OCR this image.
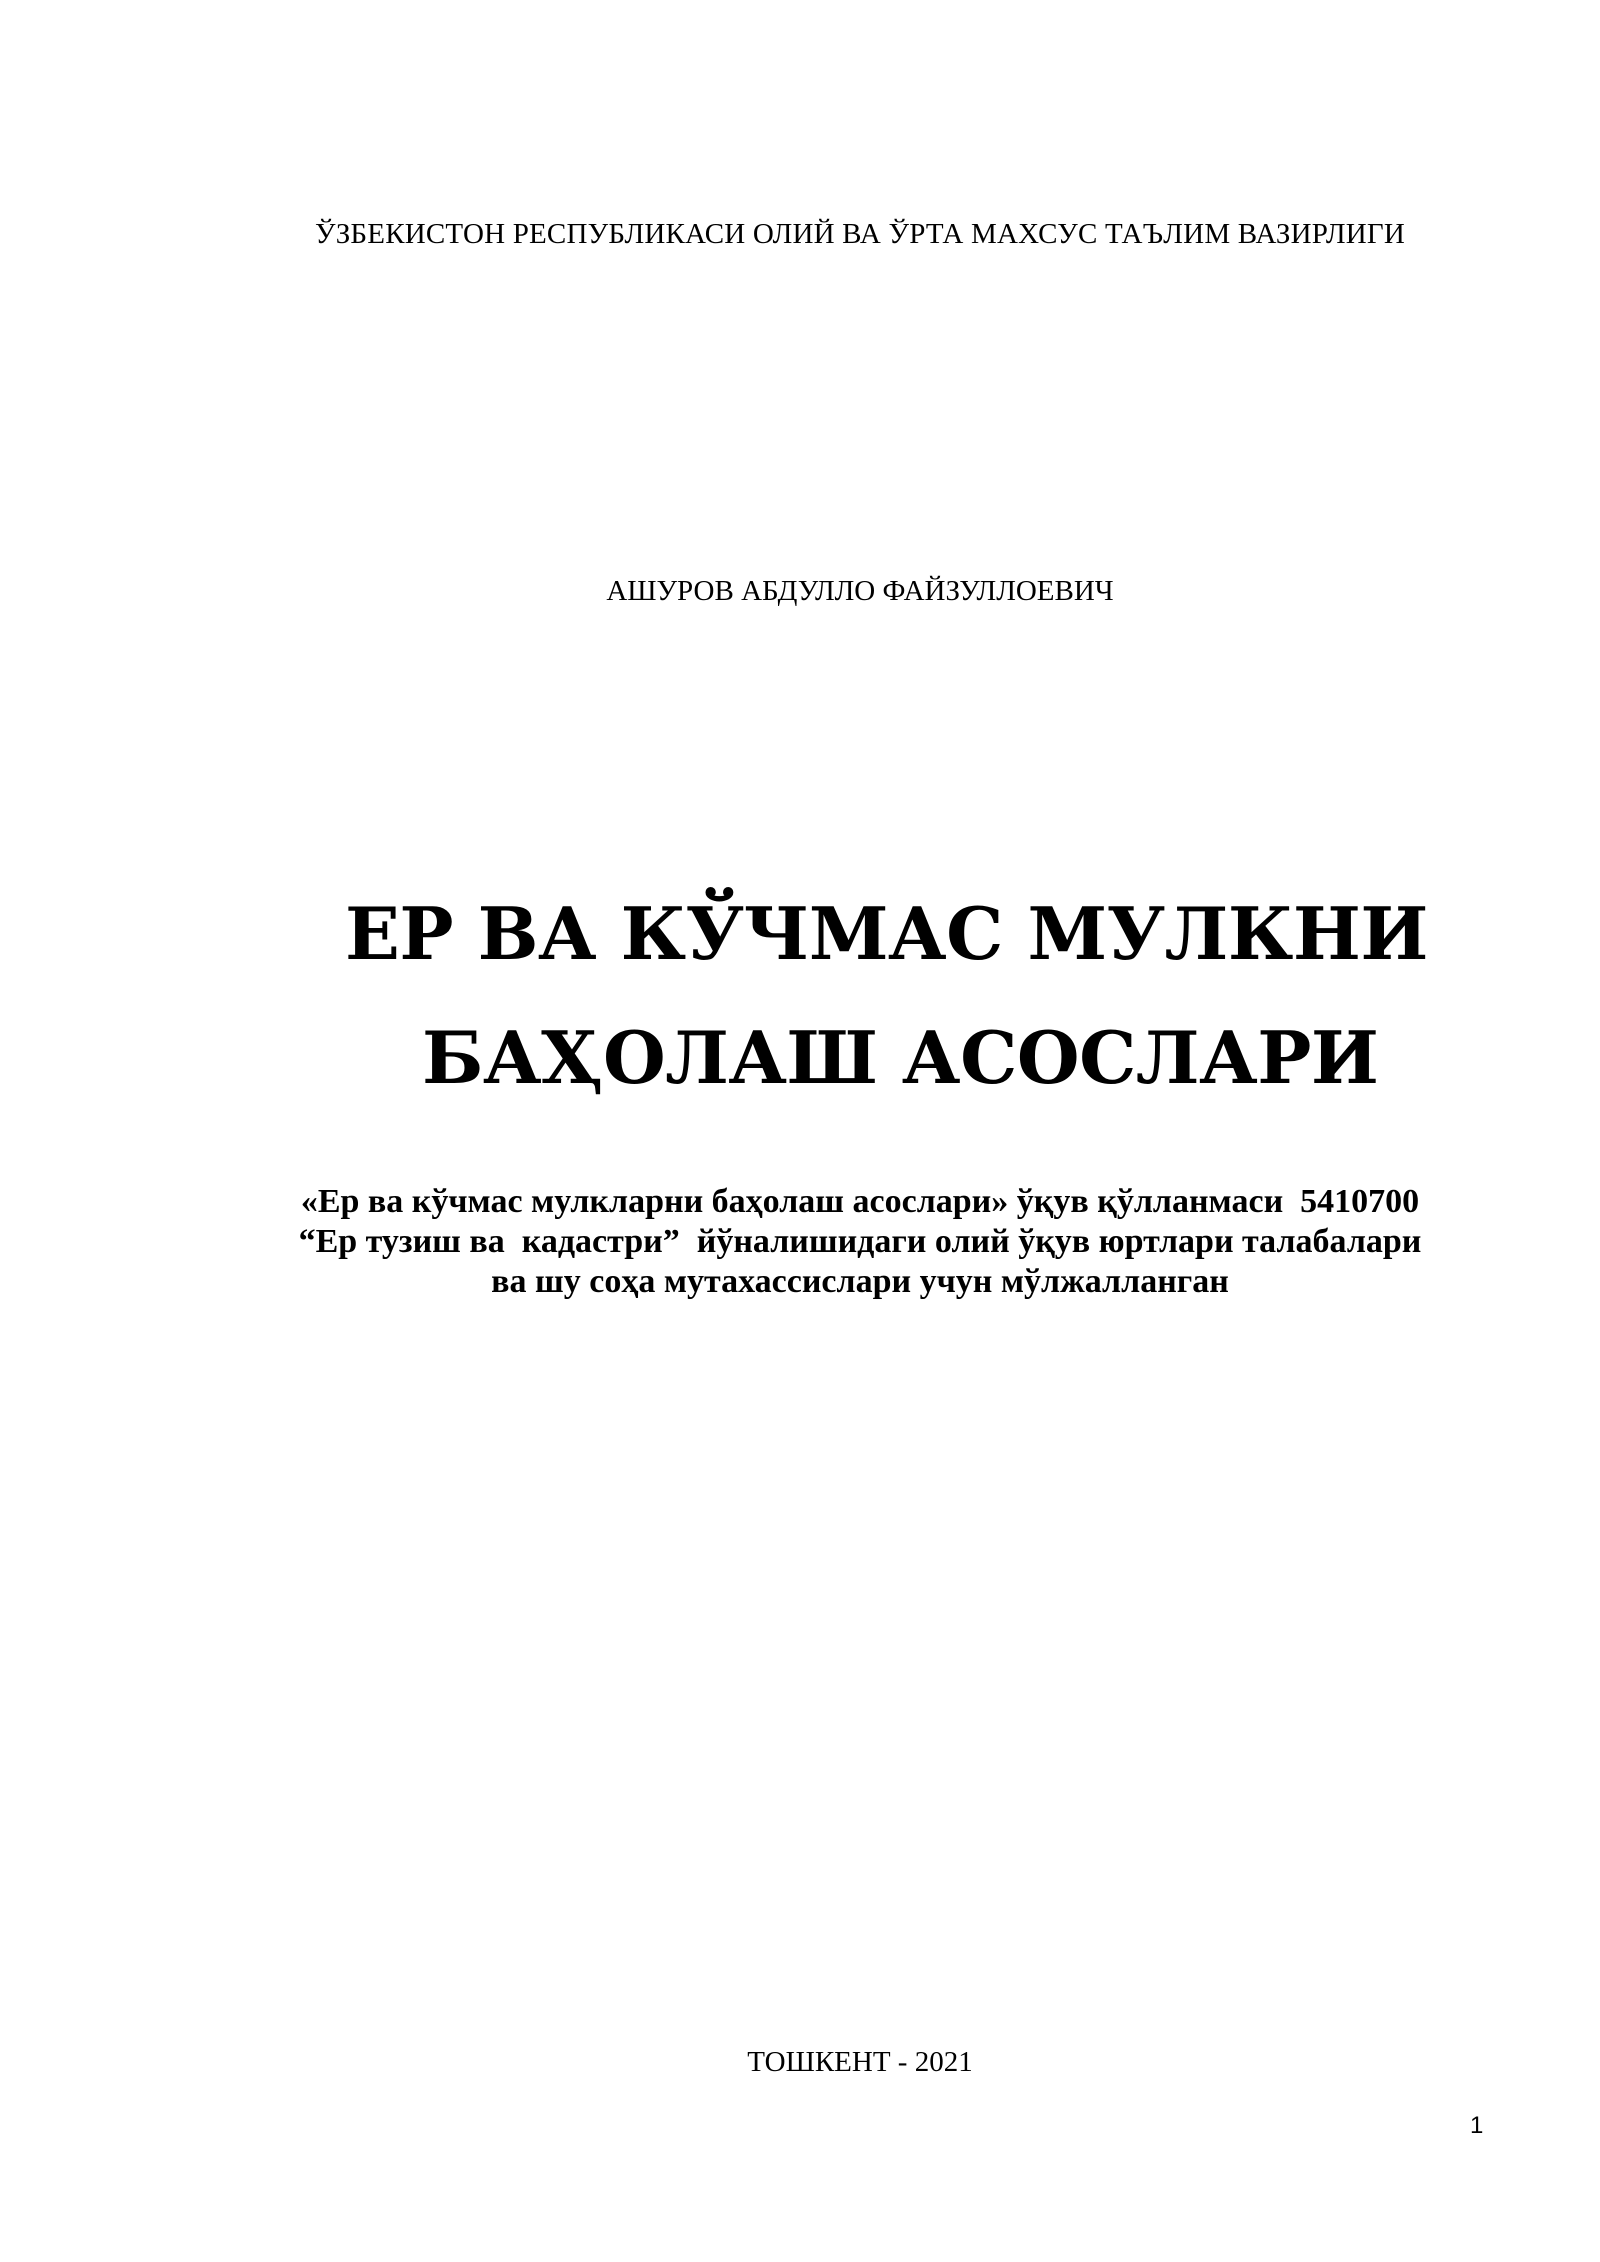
ЎЗБЕКИСТОН РЕСПУБЛИКАСИ ОЛИЙ ВА ЎРТА МАХСУС ТАЪЛИМ ВАЗИРЛИГИ
АШУРОВ АБДУЛЛО ФАЙЗУЛЛОЕВИЧ
ЕР ВА КЎЧМАС МУЛКНИ
БАҲОЛАШ АСОСЛАРИ
«Ер ва кўчмас мулкларни баҳолаш асослари» ўқув қўлланмаси  5410700
“Ер тузиш ва  кадастри”  йўналишидаги олий ўқув юртлари талабалари
ва шу соҳа мутахассислари учун мўлжалланган
ТОШКЕНТ - 2021
1
